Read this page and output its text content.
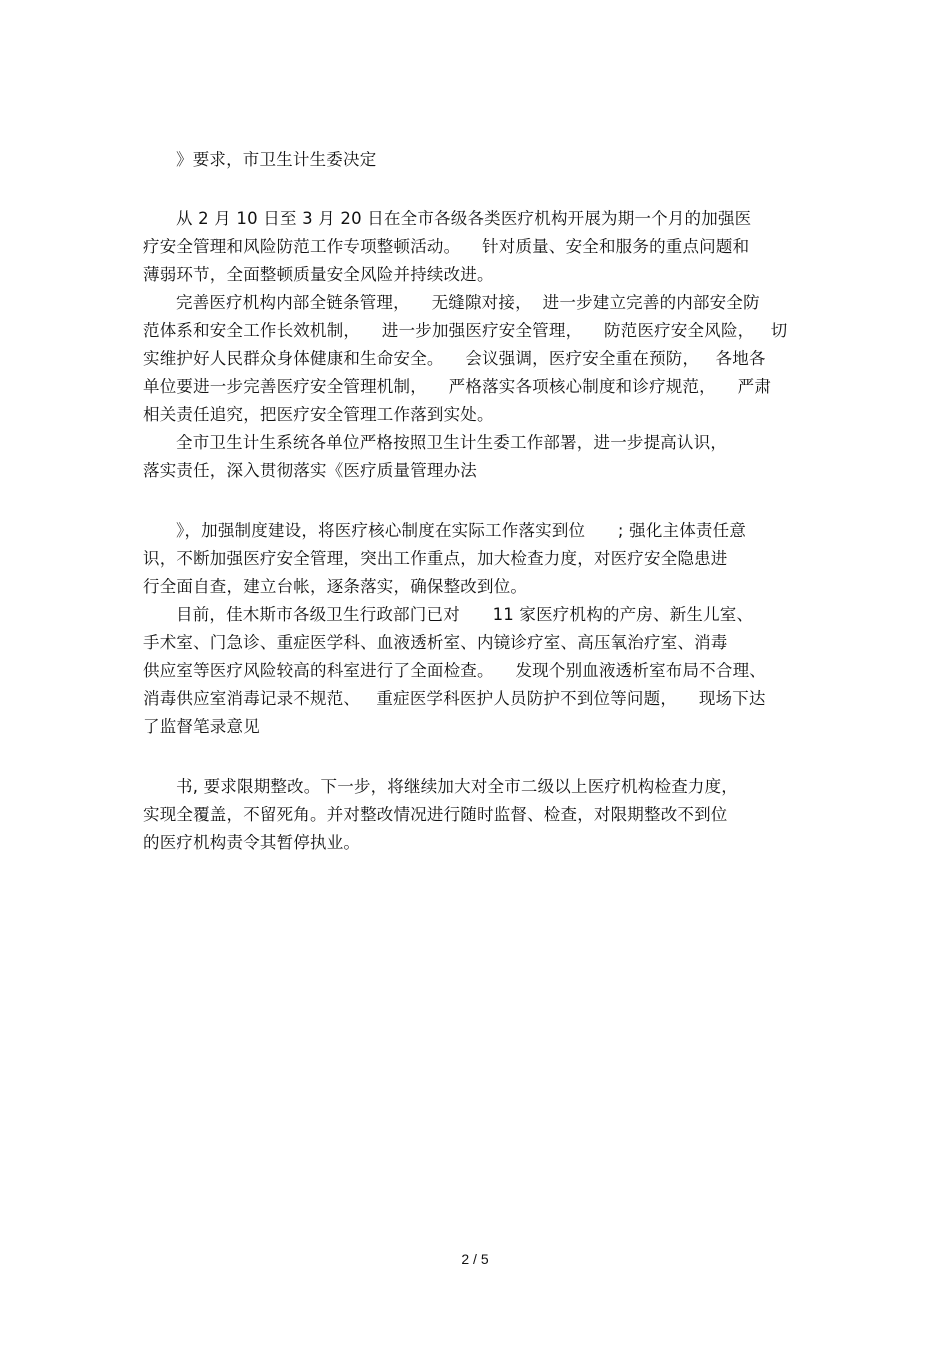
》要求，市卫生计生委决定
从 2 月 10 日至 3 月 20 日在全市各级各类医疗机构开展为期一个月的加强医
疗安全管理和风险防范工作专项整顿活动。    针对质量、安全和服务的重点问题和
薄弱环节，全面整顿质量安全风险并持续改进。
完善医疗机构内部全链条管理，    无缝隙对接，  进一步建立完善的内部安全防
范体系和安全工作长效机制，    进一步加强医疗安全管理，    防范医疗安全风险，   切
实维护好人民群众身体健康和生命安全。    会议强调，医疗安全重在预防，   各地各
单位要进一步完善医疗安全管理机制，    严格落实各项核心制度和诊疗规范，    严肃
相关责任追究，把医疗安全管理工作落到实处。
全市卫生计生系统各单位严格按照卫生计生委工作部署，进一步提高认识，
落实责任，深入贯彻落实《医疗质量管理办法
》，加强制度建设，将医疗核心制度在实际工作落实到位      ; 强化主体责任意
识，不断加强医疗安全管理，突出工作重点，加大检查力度，对医疗安全隐患进
行全面自查，建立台帐，逐条落实，确保整改到位。
目前，佳木斯市各级卫生行政部门已对      11 家医疗机构的产房、新生儿室、
手术室、门急诊、重症医学科、血液透析室、内镜诊疗室、高压氧治疗室、消毒
供应室等医疗风险较高的科室进行了全面检查。    发现个别血液透析室布局不合理、
消毒供应室消毒记录不规范、   重症医学科医护人员防护不到位等问题，    现场下达
了监督笔录意见
书, 要求限期整改。下一步，将继续加大对全市二级以上医疗机构检查力度，
实现全覆盖，不留死角。并对整改情况进行随时监督、检查，对限期整改不到位
的医疗机构责令其暂停执业。
2 / 5
